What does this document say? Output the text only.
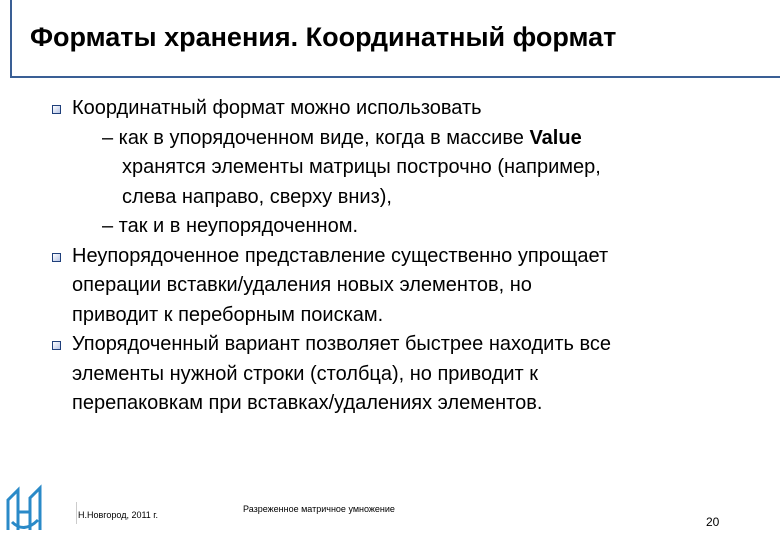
Форматы хранения. Координатный формат
Координатный формат можно использовать
– как в упорядоченном виде, когда в массиве Value
хранятся элементы матрицы построчно (например,
слева направо, сверху вниз),
– так и в неупорядоченном.
Неупорядоченное представление существенно упрощает
операции вставки/удаления новых элементов, но
приводит к переборным поискам.
Упорядоченный вариант позволяет быстрее находить все
элементы нужной строки (столбца), но приводит к
перепаковкам при вставках/удалениях элементов.
Н.Новгород, 2011 г.
Разреженное матричное умножение
20
